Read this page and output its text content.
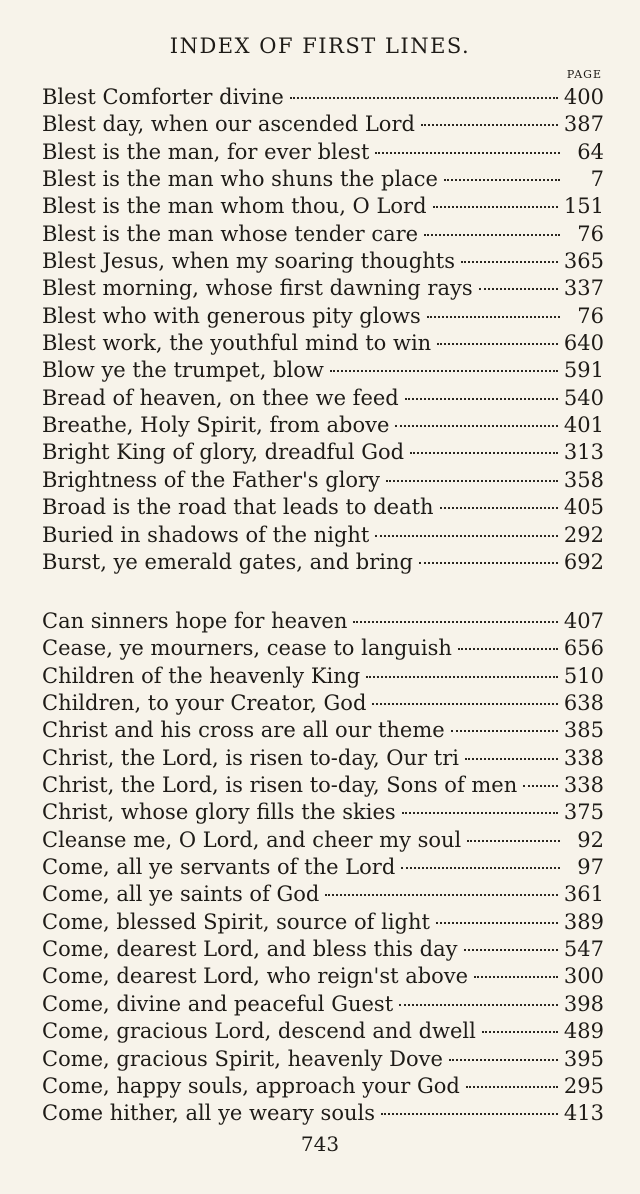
INDEX OF FIRST LINES.
PAGE
Blest Comforter divine	400
Blest day, when our ascended Lord	387
Blest is the man, for ever blest	64
Blest is the man who shuns the place	7
Blest is the man whom thou, O Lord	151
Blest is the man whose tender care	76
Blest Jesus, when my soaring thoughts	365
Blest morning, whose first dawning rays	337
Blest who with generous pity glows	76
Blest work, the youthful mind to win	640
Blow ye the trumpet, blow	591
Bread of heaven, on thee we feed	540
Breathe, Holy Spirit, from above	401
Bright King of glory, dreadful God	313
Brightness of the Father's glory	358
Broad is the road that leads to death	405
Buried in shadows of the night	292
Burst, ye emerald gates, and bring	692
Can sinners hope for heaven	407
Cease, ye mourners, cease to languish	656
Children of the heavenly King	510
Children, to your Creator, God	638
Christ and his cross are all our theme	385
Christ, the Lord, is risen to-day, Our tri	338
Christ, the Lord, is risen to-day, Sons of men 338
Christ, whose glory fills the skies	375
Cleanse me, O Lord, and cheer my soul	92
Come, all ye servants of the Lord	97
Come, all ye saints of God	361
Come, blessed Spirit, source of light	389
Come, dearest Lord, and bless this day	547
Come, dearest Lord, who reign'st above	300
Come, divine and peaceful Guest	398
Come, gracious Lord, descend and dwell	489
Come, gracious Spirit, heavenly Dove	395
Come, happy souls, approach your God	295
Come hither, all ye weary souls	413
743
